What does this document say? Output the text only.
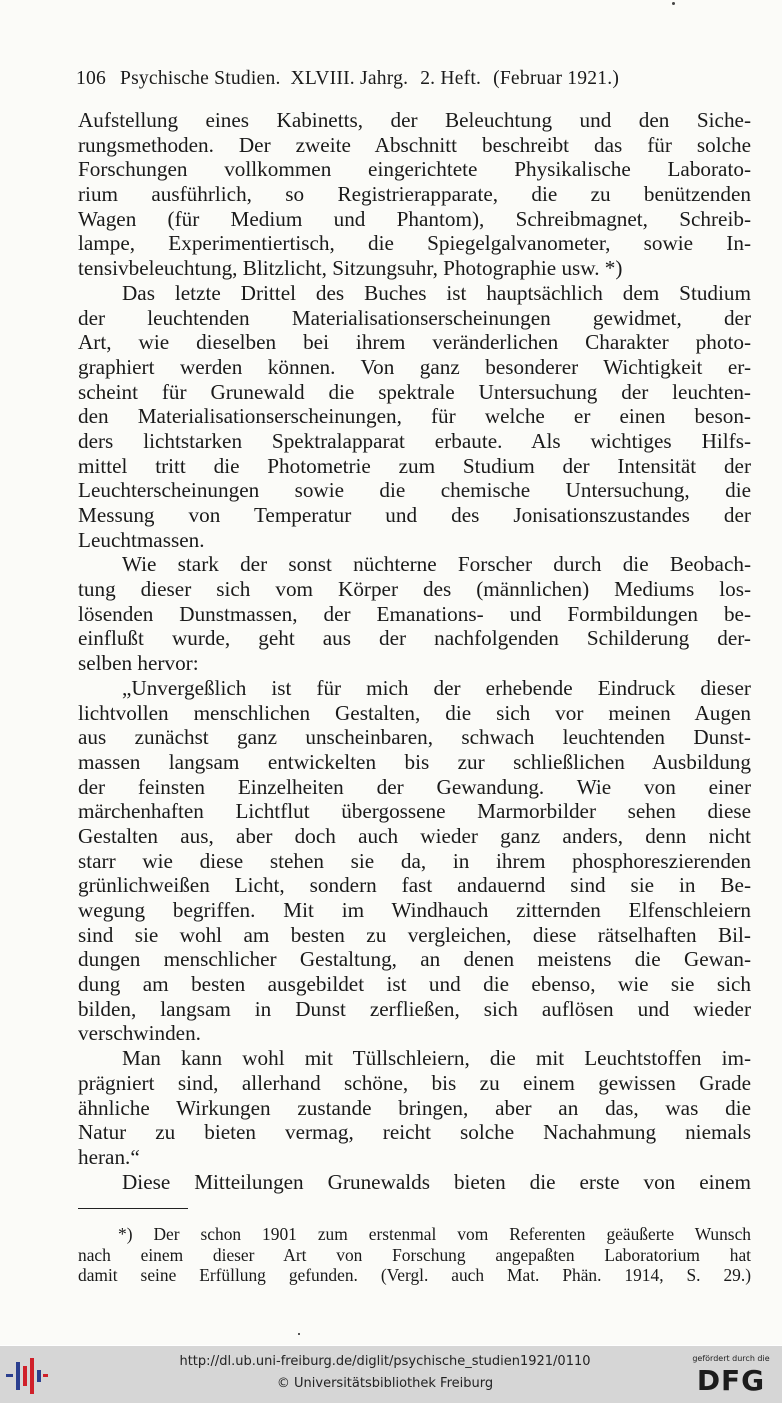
106 Psychische Studien. XLVIII. Jahrg. 2. Heft. (Februar 1921.)
Aufstellung eines Kabinetts, der Beleuchtung und den Siche-
rungsmethoden. Der zweite Abschnitt beschreibt das für solche
Forschungen vollkommen eingerichtete Physikalische Laborato-
rium ausführlich, so Registrierapparate, die zu benützenden
Wagen (für Medium und Phantom), Schreibmagnet, Schreib-
lampe, Experimentiertisch, die Spiegelgalvanometer, sowie In-
tensivbeleuchtung, Blitzlicht, Sitzungsuhr, Photographie usw. *)
Das letzte Drittel des Buches ist hauptsächlich dem Studium
der leuchtenden Materialisationserscheinungen gewidmet, der
Art, wie dieselben bei ihrem veränderlichen Charakter photo-
graphiert werden können. Von ganz besonderer Wichtigkeit er-
scheint für Grunewald die spektrale Untersuchung der leuchten-
den Materialisationserscheinungen, für welche er einen beson-
ders lichtstarken Spektralapparat erbaute. Als wichtiges Hilfs-
mittel tritt die Photometrie zum Studium der Intensität der
Leuchterscheinungen sowie die chemische Untersuchung, die
Messung von Temperatur und des Jonisationszustandes der
Leuchtmassen.
Wie stark der sonst nüchterne Forscher durch die Beobach-
tung dieser sich vom Körper des (männlichen) Mediums los-
lösenden Dunstmassen, der Emanations- und Formbildungen be-
einflußt wurde, geht aus der nachfolgenden Schilderung der-
selben hervor:
„Unvergeßlich ist für mich der erhebende Eindruck dieser
lichtvollen menschlichen Gestalten, die sich vor meinen Augen
aus zunächst ganz unscheinbaren, schwach leuchtenden Dunst-
massen langsam entwickelten bis zur schließlichen Ausbildung
der feinsten Einzelheiten der Gewandung. Wie von einer
märchenhaften Lichtflut übergossene Marmorbilder sehen diese
Gestalten aus, aber doch auch wieder ganz anders, denn nicht
starr wie diese stehen sie da, in ihrem phosphoreszierenden
grünlichweißen Licht, sondern fast andauernd sind sie in Be-
wegung begriffen. Mit im Windhauch zitternden Elfenschleiern
sind sie wohl am besten zu vergleichen, diese rätselhaften Bil-
dungen menschlicher Gestaltung, an denen meistens die Gewan-
dung am besten ausgebildet ist und die ebenso, wie sie sich
bilden, langsam in Dunst zerfließen, sich auflösen und wieder
verschwinden.
Man kann wohl mit Tüllschleiern, die mit Leuchtstoffen im-
prägniert sind, allerhand schöne, bis zu einem gewissen Grade
ähnliche Wirkungen zustande bringen, aber an das, was die
Natur zu bieten vermag, reicht solche Nachahmung niemals
heran.“
Diese Mitteilungen Grunewalds bieten die erste von einem
*) Der schon 1901 zum erstenmal vom Referenten geäußerte Wunsch
nach einem dieser Art von Forschung angepaßten Laboratorium hat
damit seine Erfüllung gefunden. (Vergl. auch Mat. Phän. 1914, S. 29.)
http://dl.ub.uni-freiburg.de/diglit/psychische_studien1921/0110
© Universitätsbibliothek Freiburg
gefördert durch die
DFG
